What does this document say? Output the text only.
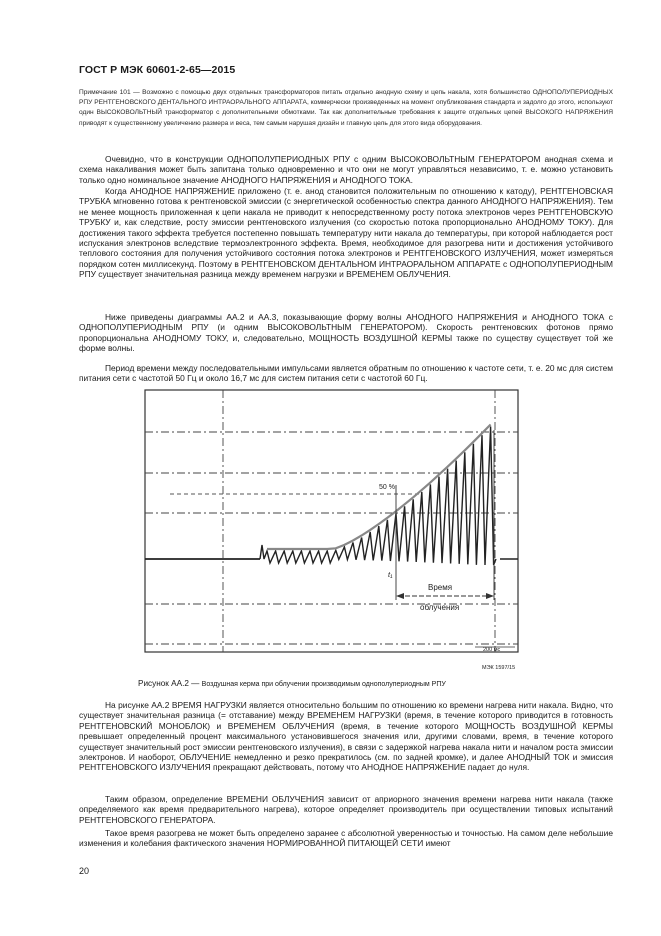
ГОСТ Р МЭК 60601-2-65—2015
Примечание 101 — Возможно с помощью двух отдельных трансформаторов питать отдельно анодную схему и цепь накала, хотя большинство ОДНОПОЛУПЕРИОДНЫХ РПУ РЕНТГЕНОВСКОГО ДЕНТАЛЬНОГО ИНТРАОРАЛЬНОГО АППАРАТА, коммерчески произведенных на момент опубликования стандарта и задолго до этого, используют один ВЫСОКОВОЛЬТНЫЙ трансформатор с дополнительными обмотками. Так как дополнительные требования к защите отдельных цепей ВЫСОКОГО НАПРЯЖЕНИЯ приводят к существенному увеличению размера и веса, тем самым нарушая дизайн и главную цель для этого вида оборудования.
Очевидно, что в конструкции ОДНОПОЛУПЕРИОДНЫХ РПУ с одним ВЫСОКОВОЛЬТНЫМ ГЕНЕРАТОРОМ анодная схема и схема накаливания может быть запитана только одновременно и что они не могут управляться независимо, т. е. можно установить только одно номинальное значение АНОДНОГО НАПРЯЖЕНИЯ и АНОДНОГО ТОКА.
Когда АНОДНОЕ НАПРЯЖЕНИЕ приложено (т. е. анод становится положительным по отношению к катоду), РЕНТГЕНОВСКАЯ ТРУБКА мгновенно готова к рентгеновской эмиссии (с энергетической особенностью спектра данного АНОДНОГО НАПРЯЖЕНИЯ). Тем не менее мощность приложенная к цепи накала не приводит к непосредственному росту потока электронов через РЕНТГЕНОВСКУЮ ТРУБКУ и, как следствие, росту эмиссии рентгеновского излучения (со скоростью потока пропорционально АНОДНОМУ ТОКУ). Для достижения такого эффекта требуется постепенно повышать температуру нити накала до температуры, при которой наблюдается рост испускания электронов вследствие термоэлектронного эффекта. Время, необходимое для разогрева нити и достижения устойчивого теплового состояния для получения устойчивого состояния потока электронов и РЕНТГЕНОВСКОГО ИЗЛУЧЕНИЯ, может измеряться порядком сотен миллисекунд. Поэтому в РЕНТГЕНОВСКОМ ДЕНТАЛЬНОМ ИНТРАОРАЛЬНОМ АППАРАТЕ с ОДНОПОЛУПЕРИОДНЫМ РПУ существует значительная разница между временем нагрузки и ВРЕМЕНЕМ ОБЛУЧЕНИЯ.
Ниже приведены диаграммы АА.2 и АА.3, показывающие форму волны АНОДНОГО НАПРЯЖЕНИЯ и АНОДНОГО ТОКА с ОДНОПОЛУПЕРИОДНЫМ РПУ (и одним ВЫСОКОВОЛЬТНЫМ ГЕНЕРАТОРОМ). Скорость рентгеновских фотонов прямо пропорциональна АНОДНОМУ ТОКУ, и, следовательно, МОЩНОСТЬ ВОЗДУШНОЙ КЕРМЫ также по существу существует той же форме волны.
Период времени между последовательными импульсами является обратным по отношению к частоте сети, т. е. 20 мс для систем питания сети с частотой 50 Гц и около 16,7 мс для систем питания сети с частотой 60 Гц.
50 %
t₁
Время
облучения
200 мс
МЭК 1597/15
Рисунок АА.2 — Воздушная керма при облучении производимым однополупериодным РПУ
На рисунке АА.2 ВРЕМЯ НАГРУЗКИ является относительно большим по отношению ко времени нагрева нити накала. Видно, что существует значительная разница (= отставание) между ВРЕМЕНЕМ НАГРУЗКИ (время, в течение которого приводится в готовность РЕНТГЕНОВСКИЙ МОНОБЛОК) и ВРЕМЕНЕМ ОБЛУЧЕНИЯ (время, в течение которого МОЩНОСТЬ ВОЗДУШНОЙ КЕРМЫ превышает определенный процент максимального установившегося значения или, другими словами, время, в течение которого существует значительный рост эмиссии рентгеновского излучения), в связи с задержкой нагрева накала нити и началом роста эмиссии электронов. И наоборот, ОБЛУЧЕНИЕ немедленно и резко прекратилось (см. по задней кромке), и далее АНОДНЫЙ ТОК и эмиссия РЕНТГЕНОВСКОГО ИЗЛУЧЕНИЯ прекращают действовать, потому что АНОДНОЕ НАПРЯЖЕНИЕ падает до нуля.
Таким образом, определение ВРЕМЕНИ ОБЛУЧЕНИЯ зависит от априорного значения времени нагрева нити накала (также определяемого как время предварительного нагрева), которое определяет производитель при осуществлении типовых испытаний РЕНТГЕНОВСКОГО ГЕНЕРАТОРА.
Такое время разогрева не может быть определено заранее с абсолютной уверенностью и точностью. На самом деле небольшие изменения и колебания фактического значения НОРМИРОВАННОЙ ПИТАЮЩЕЙ СЕТИ имеют
20
